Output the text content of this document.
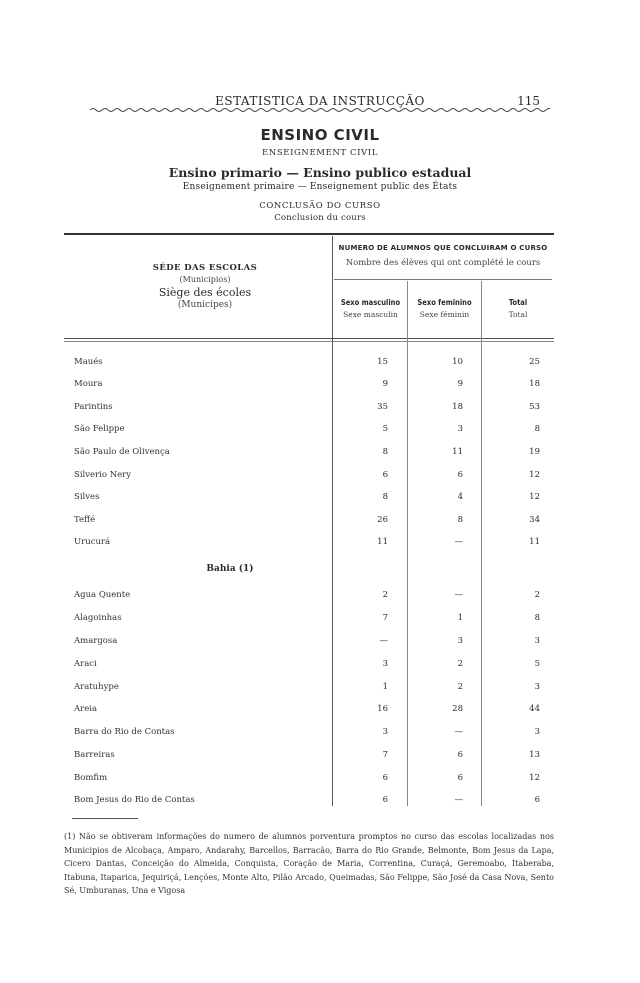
ESTATISTICA DA INSTRUCÇÃO	115
ENSINO CIVIL
ENSEIGNEMENT CIVIL
Ensino primario — Ensino publico estadual
Enseignement primaire — Enseignement public des États
CONCLUSÃO DO CURSO
Conclusion du cours
SÉDE DAS ESCOLAS
(Municipios)
Siège des écoles
(Municipes)
NUMERO DE ALUMNOS QUE CONCLUIRAM O CURSO
Nombre des élèves qui ont complété le cours
Sexo masculino
Sexe masculin
Sexo feminino
Sexe féminin
Total
Total
Maués	15	10	25
Moura	9	9	18
Parintins	35	18	53
São Felippe	5	3	8
São Paulo de Olivença	8	11	19
Silverio Nery	6	6	12
Silves	8	4	12
Teffé	26	8	34
Urucurá	11	—	11
Bahia (1)
Agua Quente	2	—	2
Alagoinhas	7	1	8
Amargosa	—	3	3
Araci	3	2	5
Aratuhype	1	2	3
Areia	16	28	44
Barra do Rio de Contas	3	—	3
Barreiras	7	6	13
Bomfim	6	6	12
Bom Jesus do Rio de Contas	6	—	6
(1) Não se obtiveram informações do numero de alumnos porventura promptos no curso das escolas localizadas nos Municipios de Alcobaça, Amparo, Andarahy, Barcellos, Barracão, Barra do Rio Grande, Belmonte, Bom Jesus da Lapa, Cicero Dantas, Conceição do Almeida, Conquista, Coração de Maria, Correntina, Curaçá, Geremoabo, Itaberaba, Itabuna, Itaparica, Jequiriçá, Lençóes, Monte Alto, Pilão Arcado, Queimadas, São Felippe, São José da Casa Nova, Sento Sé, Umburanas, Una e Vigosa
